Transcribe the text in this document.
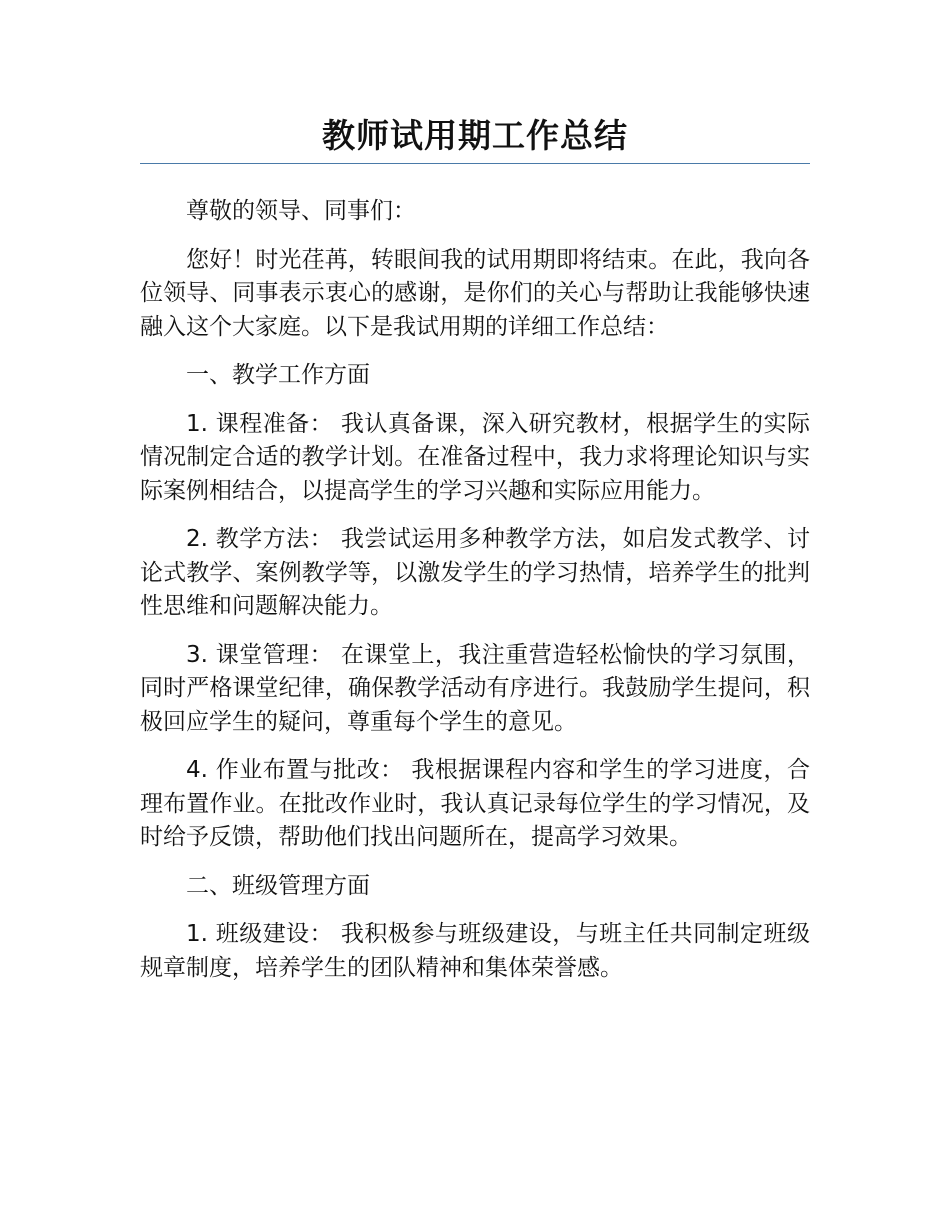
教师试用期工作总结

尊敬的领导、同事们：

您好！时光荏苒，转眼间我的试用期即将结束。在此，我向各位领导、同事表示衷心的感谢，是你们的关心与帮助让我能够快速融入这个大家庭。以下是我试用期的详细工作总结：

一、教学工作方面

1. 课程准备： 我认真备课，深入研究教材，根据学生的实际情况制定合适的教学计划。在准备过程中，我力求将理论知识与实际案例相结合，以提高学生的学习兴趣和实际应用能力。

2. 教学方法： 我尝试运用多种教学方法，如启发式教学、讨论式教学、案例教学等，以激发学生的学习热情，培养学生的批判性思维和问题解决能力。

3. 课堂管理： 在课堂上，我注重营造轻松愉快的学习氛围，同时严格课堂纪律，确保教学活动有序进行。我鼓励学生提问，积极回应学生的疑问，尊重每个学生的意见。

4. 作业布置与批改： 我根据课程内容和学生的学习进度，合理布置作业。在批改作业时，我认真记录每位学生的学习情况，及时给予反馈，帮助他们找出问题所在，提高学习效果。

二、班级管理方面

1. 班级建设： 我积极参与班级建设，与班主任共同制定班级规章制度，培养学生的团队精神和集体荣誉感。
